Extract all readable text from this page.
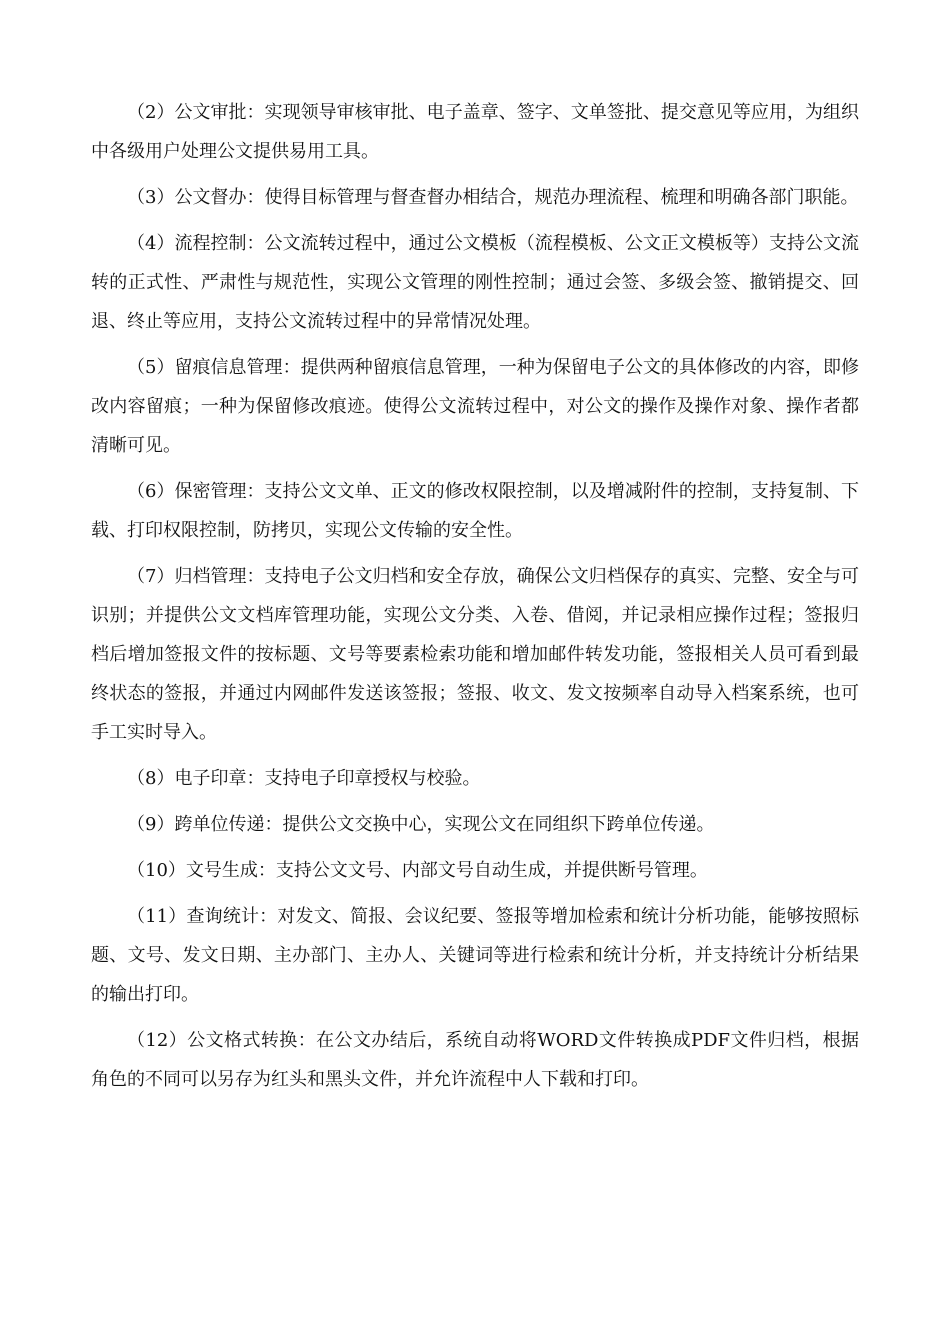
（2）公文审批：实现领导审核审批、电子盖章、签字、文单签批、提交意见等应用，为组织中各级用户处理公文提供易用工具。

（3）公文督办：使得目标管理与督查督办相结合，规范办理流程、梳理和明确各部门职能。

（4）流程控制：公文流转过程中，通过公文模板（流程模板、公文正文模板等）支持公文流转的正式性、严肃性与规范性，实现公文管理的刚性控制；通过会签、多级会签、撤销提交、回退、终止等应用，支持公文流转过程中的异常情况处理。

（5）留痕信息管理：提供两种留痕信息管理，一种为保留电子公文的具体修改的内容，即修改内容留痕；一种为保留修改痕迹。使得公文流转过程中，对公文的操作及操作对象、操作者都清晰可见。

（6）保密管理：支持公文文单、正文的修改权限控制，以及增减附件的控制，支持复制、下载、打印权限控制，防拷贝，实现公文传输的安全性。

（7）归档管理：支持电子公文归档和安全存放，确保公文归档保存的真实、完整、安全与可识别；并提供公文文档库管理功能，实现公文分类、入卷、借阅，并记录相应操作过程；签报归档后增加签报文件的按标题、文号等要素检索功能和增加邮件转发功能，签报相关人员可看到最终状态的签报，并通过内网邮件发送该签报；签报、收文、发文按频率自动导入档案系统，也可手工实时导入。

（8）电子印章：支持电子印章授权与校验。

（9）跨单位传递：提供公文交换中心，实现公文在同组织下跨单位传递。

（10）文号生成：支持公文文号、内部文号自动生成，并提供断号管理。

（11）查询统计：对发文、简报、会议纪要、签报等增加检索和统计分析功能，能够按照标题、文号、发文日期、主办部门、主办人、关键词等进行检索和统计分析，并支持统计分析结果的输出打印。

（12）公文格式转换：在公文办结后，系统自动将WORD文件转换成PDF文件归档，根据角色的不同可以另存为红头和黑头文件，并允许流程中人下载和打印。
